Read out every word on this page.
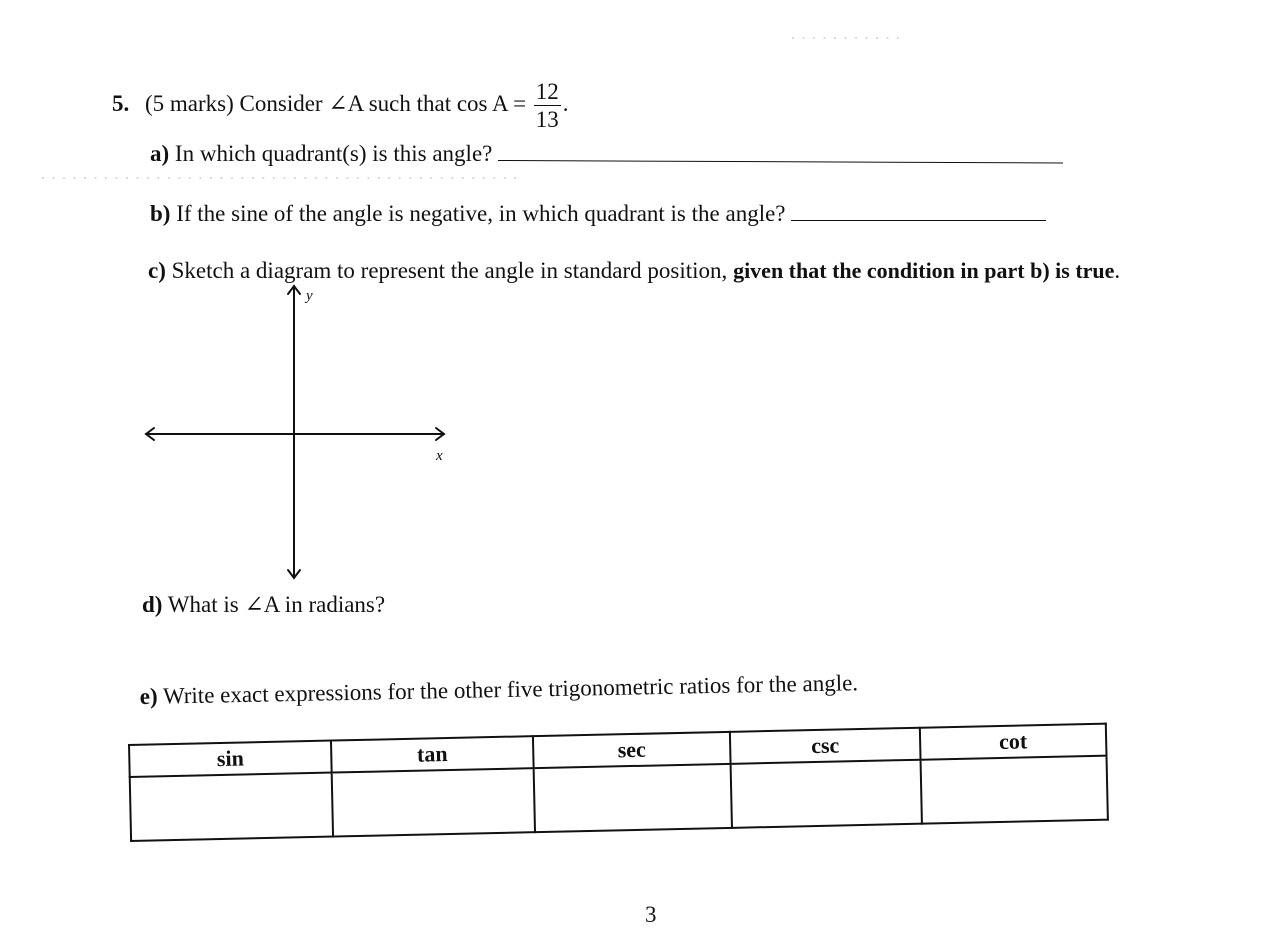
· · · · · · · · · · ·
· · · · · · · · · · · · · · · · · · · · · · · · · · · · · · · · · · · · · · · · · · · · · ·
5. (5 marks) Consider ∠A such that $\cos A = \frac{12}{13}$ .
a) In which quadrant(s) is this angle?
b) If the sine of the angle is negative, in which quadrant is the angle?
c) Sketch a diagram to represent the angle in standard position, given that the condition in part b) is true.
y
x
d) What is ∠A in radians?
e) Write exact expressions for the other five trigonometric ratios for the angle.
sin	tan	sec	csc	cot

3
